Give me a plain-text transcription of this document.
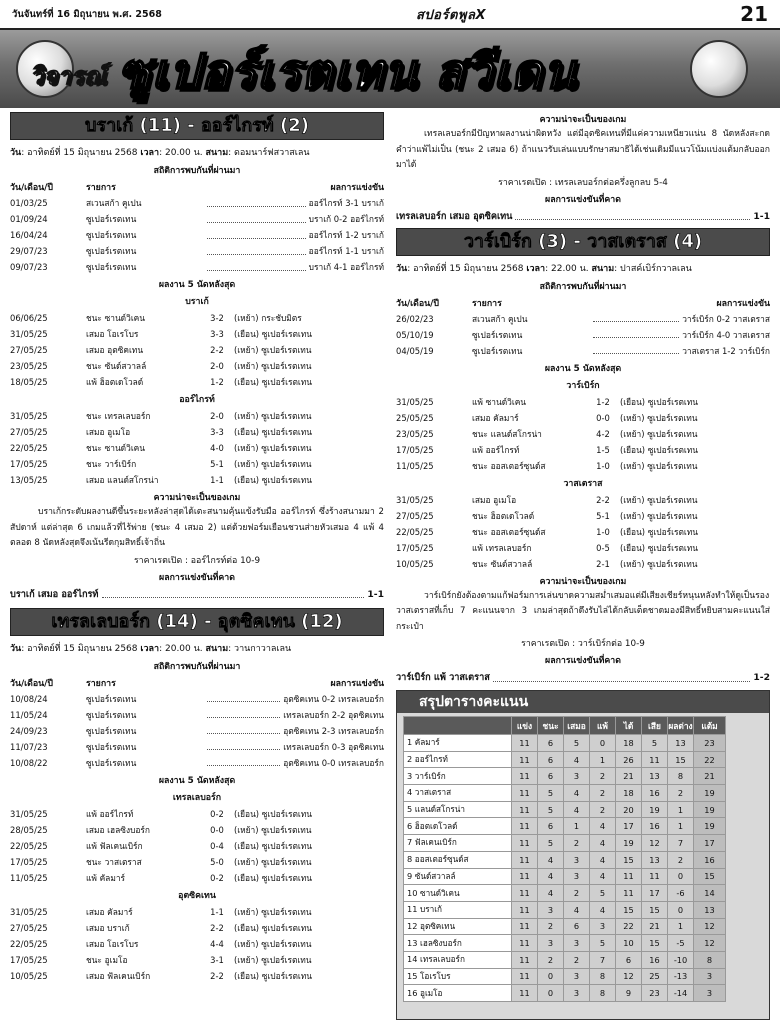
วันจันทร์ที่ 16 มิถุนายน พ.ศ. 2568	สปอร์ตพูลX	21
วิจารณ์ ซูเปอร์เรตเทน สวีเดน
บราเก้ (11) - ออร์ไกรท์ (2)
วัน: อาทิตย์ที่ 15 มิถุนายน 2568 เวลา: 20.00 น. สนาม: ดอมนาร์ฟสวาสเลน
สถิติการพบกันที่ผ่านมา
วัน/เดือน/ปี	รายการ	ผลการแข่งขัน
01/03/25	สเวนสก้า คูเปน	ออร์ไกรท์ 3-1 บราเก้
01/09/24	ซูเปอร์เรตเทน	บราเก้ 0-2 ออร์ไกรท์
16/04/24	ซูเปอร์เรตเทน	ออร์ไกรท์ 1-2 บราเก้
29/07/23	ซูเปอร์เรตเทน	ออร์ไกรท์ 1-1 บราเก้
09/07/23	ซูเปอร์เรตเทน	บราเก้ 4-1 ออร์ไกรท์
ผลงาน 5 นัดหลังสุด
บราเก้
06/06/25	ชนะ ซานด์วิเคน	3-2	(เหย้า) กระชับมิตร
31/05/25	เสมอ โอเรโบร	3-3	(เยือน) ซูเปอร์เรตเทน
27/05/25	เสมอ อุตซิคเทน	2-2	(เหย้า) ซูเปอร์เรตเทน
23/05/25	ชนะ ซันด์สวาลล์	2-0	(เหย้า) ซูเปอร์เรตเทน
18/05/25	แพ้ ฮ็อตเดโวลด์	1-2	(เยือน) ซูเปอร์เรตเทน
ออร์ไกรท์
31/05/25	ชนะ เทรลเลบอร์ก	2-0	(เหย้า) ซูเปอร์เรตเทน
27/05/25	เสมอ อูเมโอ	3-3	(เยือน) ซูเปอร์เรตเทน
22/05/25	ชนะ ซานด์วิเคน	4-0	(เหย้า) ซูเปอร์เรตเทน
17/05/25	ชนะ วาร์เบิร์ก	5-1	(เหย้า) ซูเปอร์เรตเทน
13/05/25	เสมอ แลนด์สโกรน่า	1-1	(เยือน) ซูเปอร์เรตเทน
ความน่าจะเป็นของเกม
บราเก้กระดับผลงานดีขึ้นระยะหลังล่าสุดได้เตะสนามคุ้นแข้งรับมือ ออร์ไกรท์ ซึ่งร้างสนามมา 2 สัปดาห์ แต่ล่าสุด 6 เกมแล้วที่ไร้พ่าย (ชนะ 4 เสมอ 2) แต่ด้วยฟอร์มเยือนชวนส่ายหัวเสมอ 4 แพ้ 4 ตลอด 8 นัดหลังสุดจึงเน้นรีดกุมสิทธิ์เจ้าถิ่น
ราคาเรตเปิด : ออร์ไกรท์ต่อ 10-9
ผลการแข่งขันที่คาด
บราเก้ เสมอ ออร์ไกรท์	1-1
เทรลเลบอร์ก (14) - อุตซิคเทน (12)
วัน: อาทิตย์ที่ 15 มิถุนายน 2568 เวลา: 20.00 น. สนาม: วานกาวาลเลน
สถิติการพบกันที่ผ่านมา
วัน/เดือน/ปี	รายการ	ผลการแข่งขัน
10/08/24	ซูเปอร์เรตเทน	อุตซิคเทน 0-2 เทรลเลบอร์ก
11/05/24	ซูเปอร์เรตเทน	เทรลเลบอร์ก 2-2 อุตซิคเทน
24/09/23	ซูเปอร์เรตเทน	อุตซิคเทน 2-3 เทรลเลบอร์ก
11/07/23	ซูเปอร์เรตเทน	เทรลเลบอร์ก 0-3 อุตซิคเทน
10/08/22	ซูเปอร์เรตเทน	อุตซิคเทน 0-0 เทรลเลบอร์ก
ผลงาน 5 นัดหลังสุด
เทรลเลบอร์ก
31/05/25	แพ้ ออร์ไกรท์	0-2	(เยือน) ซูเปอร์เรตเทน
28/05/25	เสมอ เฮลซิงบอร์ก	0-0	(เหย้า) ซูเปอร์เรตเทน
22/05/25	แพ้ ฟัลเคนเบิร์ก	0-4	(เยือน) ซูเปอร์เรตเทน
17/05/25	ชนะ วาสเตราส	5-0	(เหย้า) ซูเปอร์เรตเทน
11/05/25	แพ้ คัลมาร์	0-2	(เยือน) ซูเปอร์เรตเทน
อุตซิคเทน
31/05/25	เสมอ คัลมาร์	1-1	(เหย้า) ซูเปอร์เรตเทน
27/05/25	เสมอ บราเก้	2-2	(เยือน) ซูเปอร์เรตเทน
22/05/25	เสมอ โอเรโบร	4-4	(เหย้า) ซูเปอร์เรตเทน
17/05/25	ชนะ อูเมโอ	3-1	(เหย้า) ซูเปอร์เรตเทน
10/05/25	เสมอ ฟัลเคนเบิร์ก	2-2	(เยือน) ซูเปอร์เรตเทน
ความน่าจะเป็นของเกม
เทรลเลบอร์กมีปัญหาผลงานน่าผิดหวัง แต่มีอุตซิคเทนที่มีแค่ความเหนียวแน่น 8 นัดหลังสะกดคำว่าแพ้ไม่เป็น (ชนะ 2 เสมอ 6) ถ้าแนวรับเล่นแบบรักษาสมาธิได้เช่นเดิมมีแนวโน้มแบ่งแต้มกลับออกมาได้
ราคาเรตเปิด : เทรลเลบอร์กต่อครึ่งลูกลบ 5-4
ผลการแข่งขันที่คาด
เทรลเลบอร์ก เสมอ อุตซิคเทน	1-1
วาร์เบิร์ก (3) - วาสเตราส (4)
วัน: อาทิตย์ที่ 15 มิถุนายน 2568 เวลา: 22.00 น. สนาม: ปาสค์เบิร์กวาลเลน
สถิติการพบกันที่ผ่านมา
วัน/เดือน/ปี	รายการ	ผลการแข่งขัน
26/02/23	สเวนสก้า คูเปน	วาร์เบิร์ก 0-2 วาสเตราส
05/10/19	ซูเปอร์เรตเทน	วาร์เบิร์ก 4-0 วาสเตราส
04/05/19	ซูเปอร์เรตเทน	วาสเตราส 1-2 วาร์เบิร์ก
ผลงาน 5 นัดหลังสุด
วาร์เบิร์ก
31/05/25	แพ้ ซานด์วิเคน	1-2	(เยือน) ซูเปอร์เรตเทน
25/05/25	เสมอ คัลมาร์	0-0	(เหย้า) ซูเปอร์เรตเทน
23/05/25	ชนะ แลนด์สโกรน่า	4-2	(เหย้า) ซูเปอร์เรตเทน
17/05/25	แพ้ ออร์ไกรท์	1-5	(เยือน) ซูเปอร์เรตเทน
11/05/25	ชนะ ออสเตอร์ซุนด์ส	1-0	(เหย้า) ซูเปอร์เรตเทน
วาสเตราส
31/05/25	เสมอ อูเมโอ	2-2	(เหย้า) ซูเปอร์เรตเทน
27/05/25	ชนะ ฮ็อตเดโวลด์	5-1	(เหย้า) ซูเปอร์เรตเทน
22/05/25	ชนะ ออสเตอร์ซุนด์ส	1-0	(เยือน) ซูเปอร์เรตเทน
17/05/25	แพ้ เทรลเลบอร์ก	0-5	(เยือน) ซูเปอร์เรตเทน
10/05/25	ชนะ ซันด์สวาลล์	2-1	(เหย้า) ซูเปอร์เรตเทน
ความน่าจะเป็นของเกม
วาร์เบิร์กยังต้องตามแก้ฟอร์มการเล่นขาดความสม่ำเสมอแต่มีเสียงเชียร์หนุนหลังทำให้ดูเป็นรองวาสเตราสที่เก็บ 7 คะแนนจาก 3 เกมล่าสุดถ้าดึงรับไล่ได้กลับเต็ดชาดมองมีสิทธิ์หยิบสามคะแนนใส่กระเป๋า
ราคาเรตเปิด : วาร์เบิร์กต่อ 10-9
ผลการแข่งขันที่คาด
วาร์เบิร์ก แพ้ วาสเตราส	1-2
สรุปตารางคะแนน
	แข่ง	ชนะ	เสมอ	แพ้	ได้	เสีย	ผลต่าง	แต้ม
1 คัลมาร์	11	6	5	0	18	5	13	23
2 ออร์ไกรท์	11	6	4	1	26	11	15	22
3 วาร์เบิร์ก	11	6	3	2	21	13	8	21
4 วาสเตราส	11	5	4	2	18	16	2	19
5 แลนด์สโกรน่า	11	5	4	2	20	19	1	19
6 ฮ็อตเดโวลด์	11	6	1	4	17	16	1	19
7 ฟัลเคนเบิร์ก	11	5	2	4	19	12	7	17
8 ออสเตอร์ซุนด์ส	11	4	3	4	15	13	2	16
9 ซันด์สวาลล์	11	4	3	4	11	11	0	15
10 ซานด์วิเคน	11	4	2	5	11	17	-6	14
11 บราเก้	11	3	4	4	15	15	0	13
12 อุตซิคเทน	11	2	6	3	22	21	1	12
13 เฮลซิงบอร์ก	11	3	3	5	10	15	-5	12
14 เทรลเลบอร์ก	11	2	2	7	6	16	-10	8
15 โอเรโบร	11	0	3	8	12	25	-13	3
16 อูเมโอ	11	0	3	8	9	23	-14	3
